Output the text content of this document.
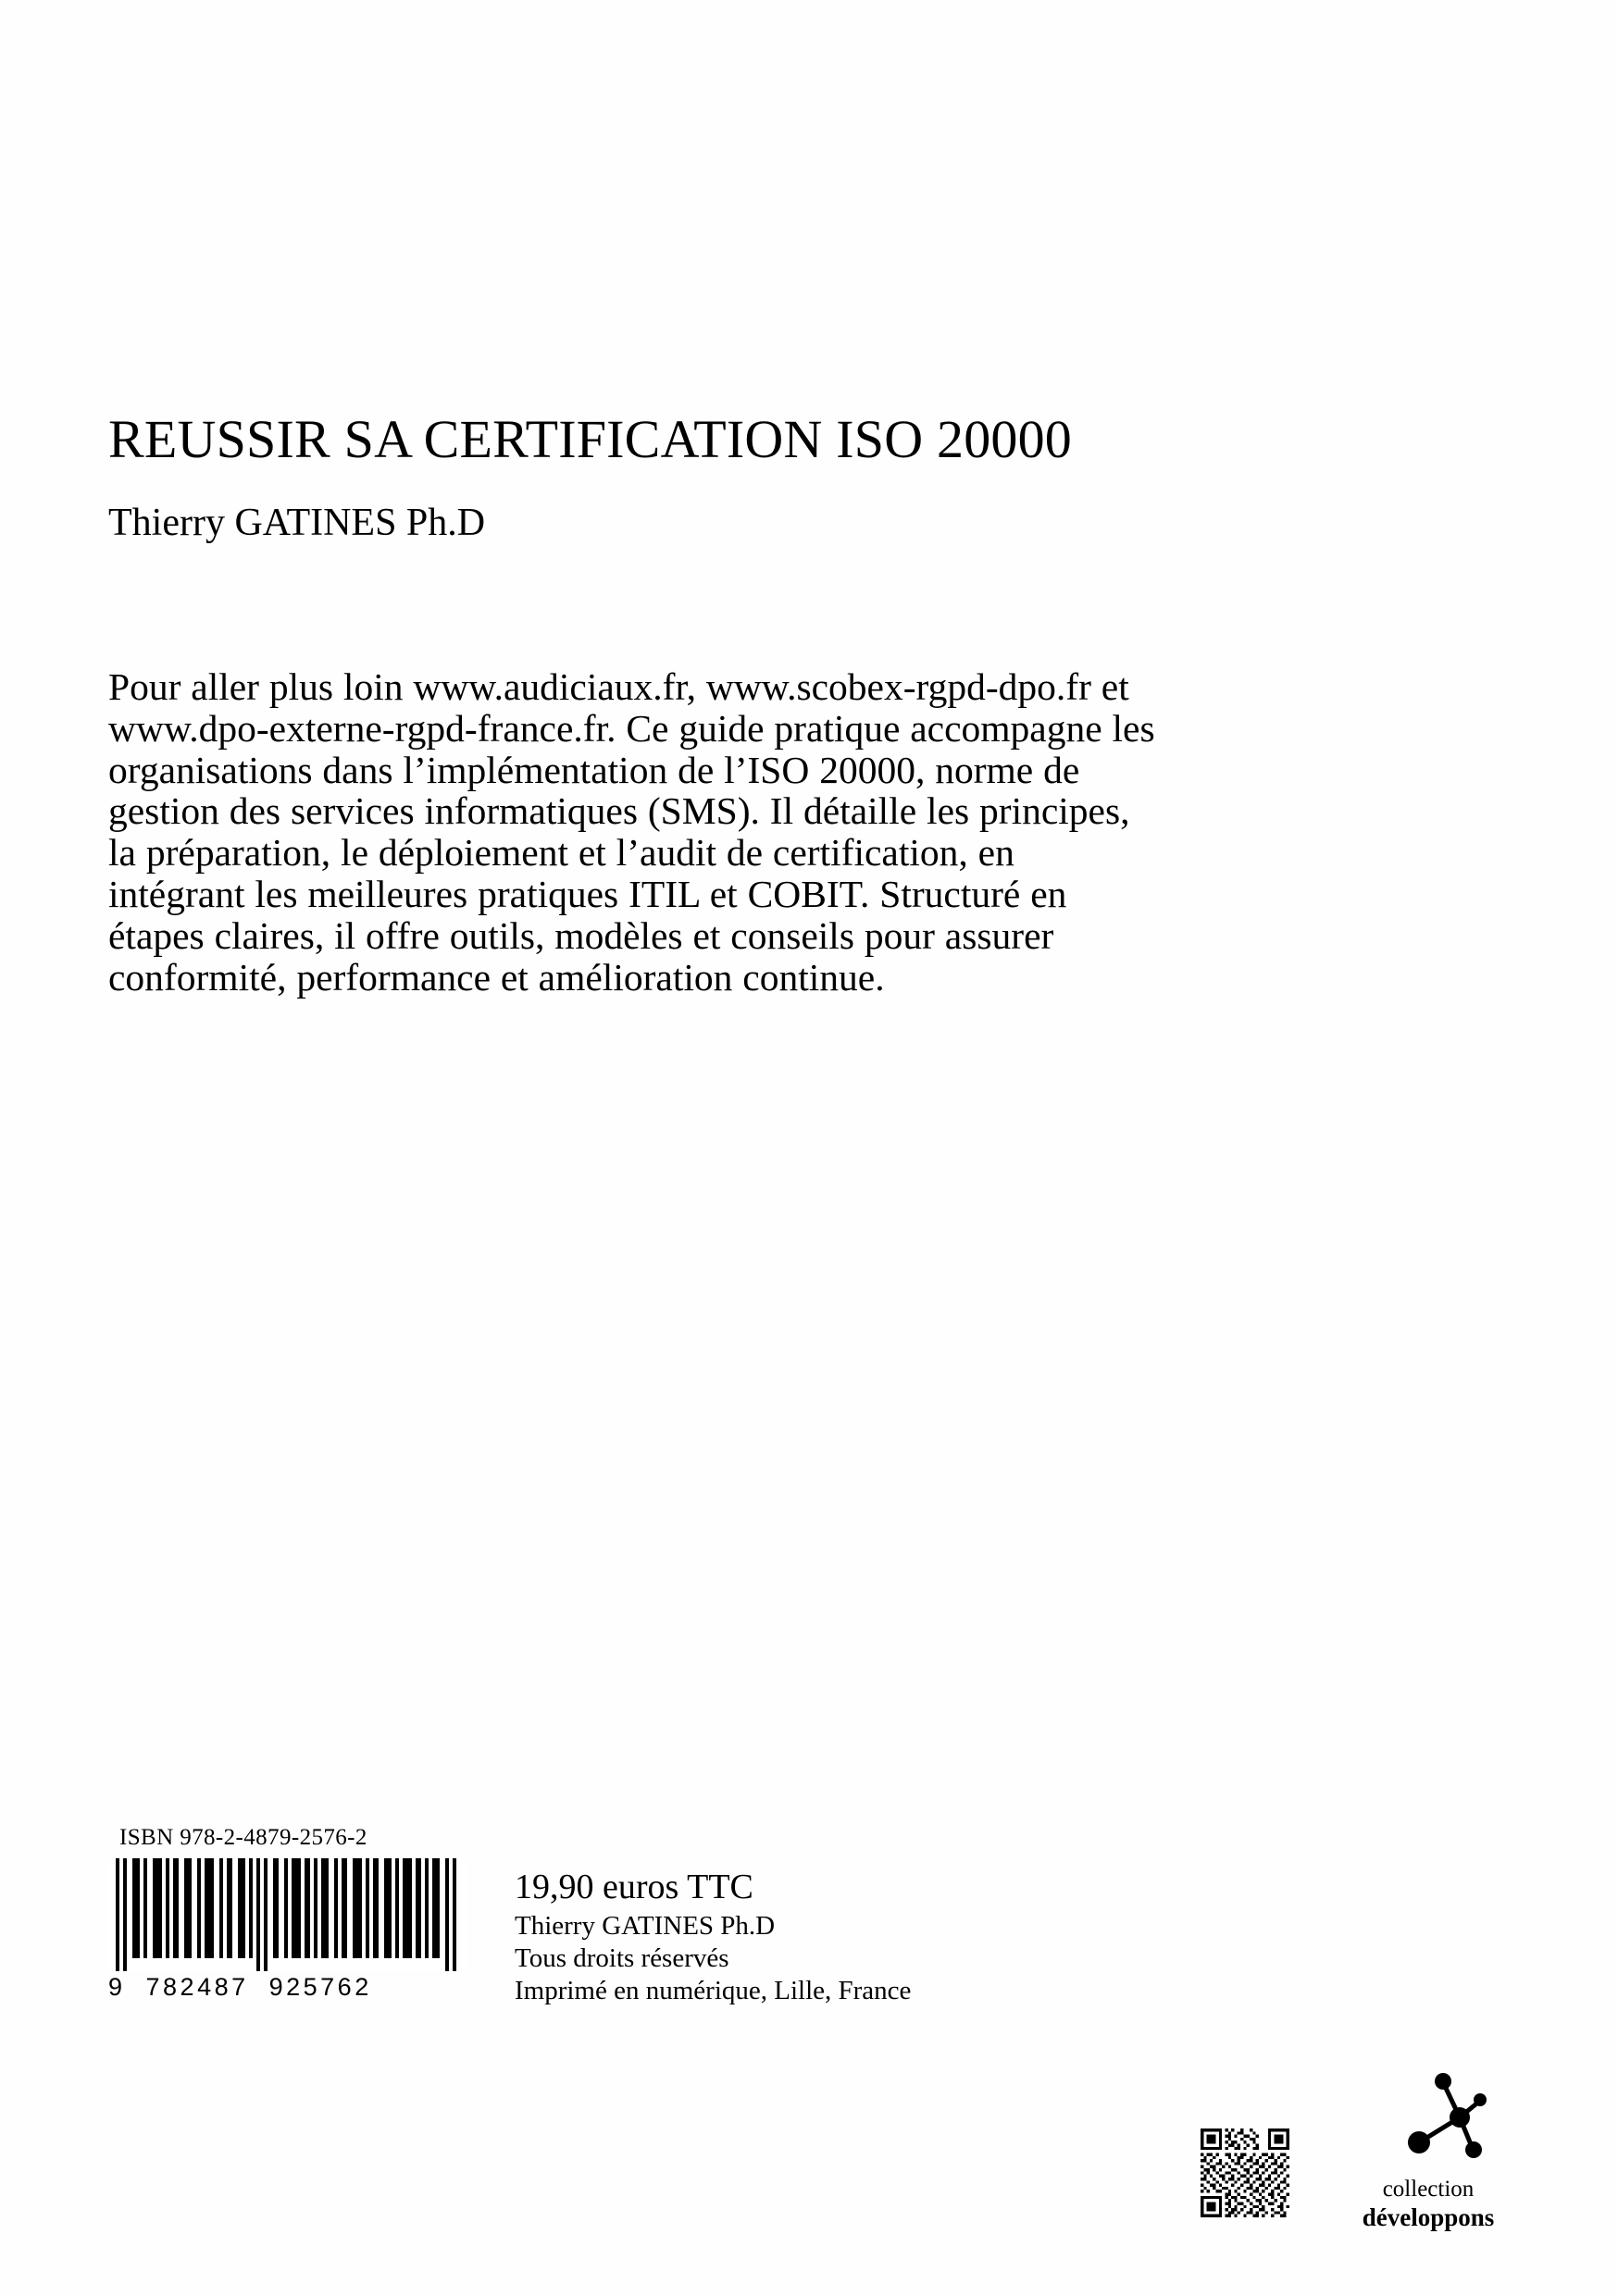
REUSSIR SA CERTIFICATION ISO 20000
Thierry GATINES Ph.D
Pour aller plus loin www.audiciaux.fr, www.scobex-rgpd-dpo.fr et www.dpo-externe-rgpd-france.fr. Ce guide pratique accompagne les organisations dans l’implémentation de l’ISO 20000, norme de gestion des services informatiques (SMS). Il détaille les principes, la préparation, le déploiement et l’audit de certification, en intégrant les meilleures pratiques ITIL et COBIT. Structuré en étapes claires, il offre outils, modèles et conseils pour assurer conformité, performance et amélioration continue.
ISBN 978-2-4879-2576-2
9  782487  925762
19,90 euros TTC
Thierry GATINES Ph.D
Tous droits réservés
Imprimé en numérique, Lille, France
collection
développons
